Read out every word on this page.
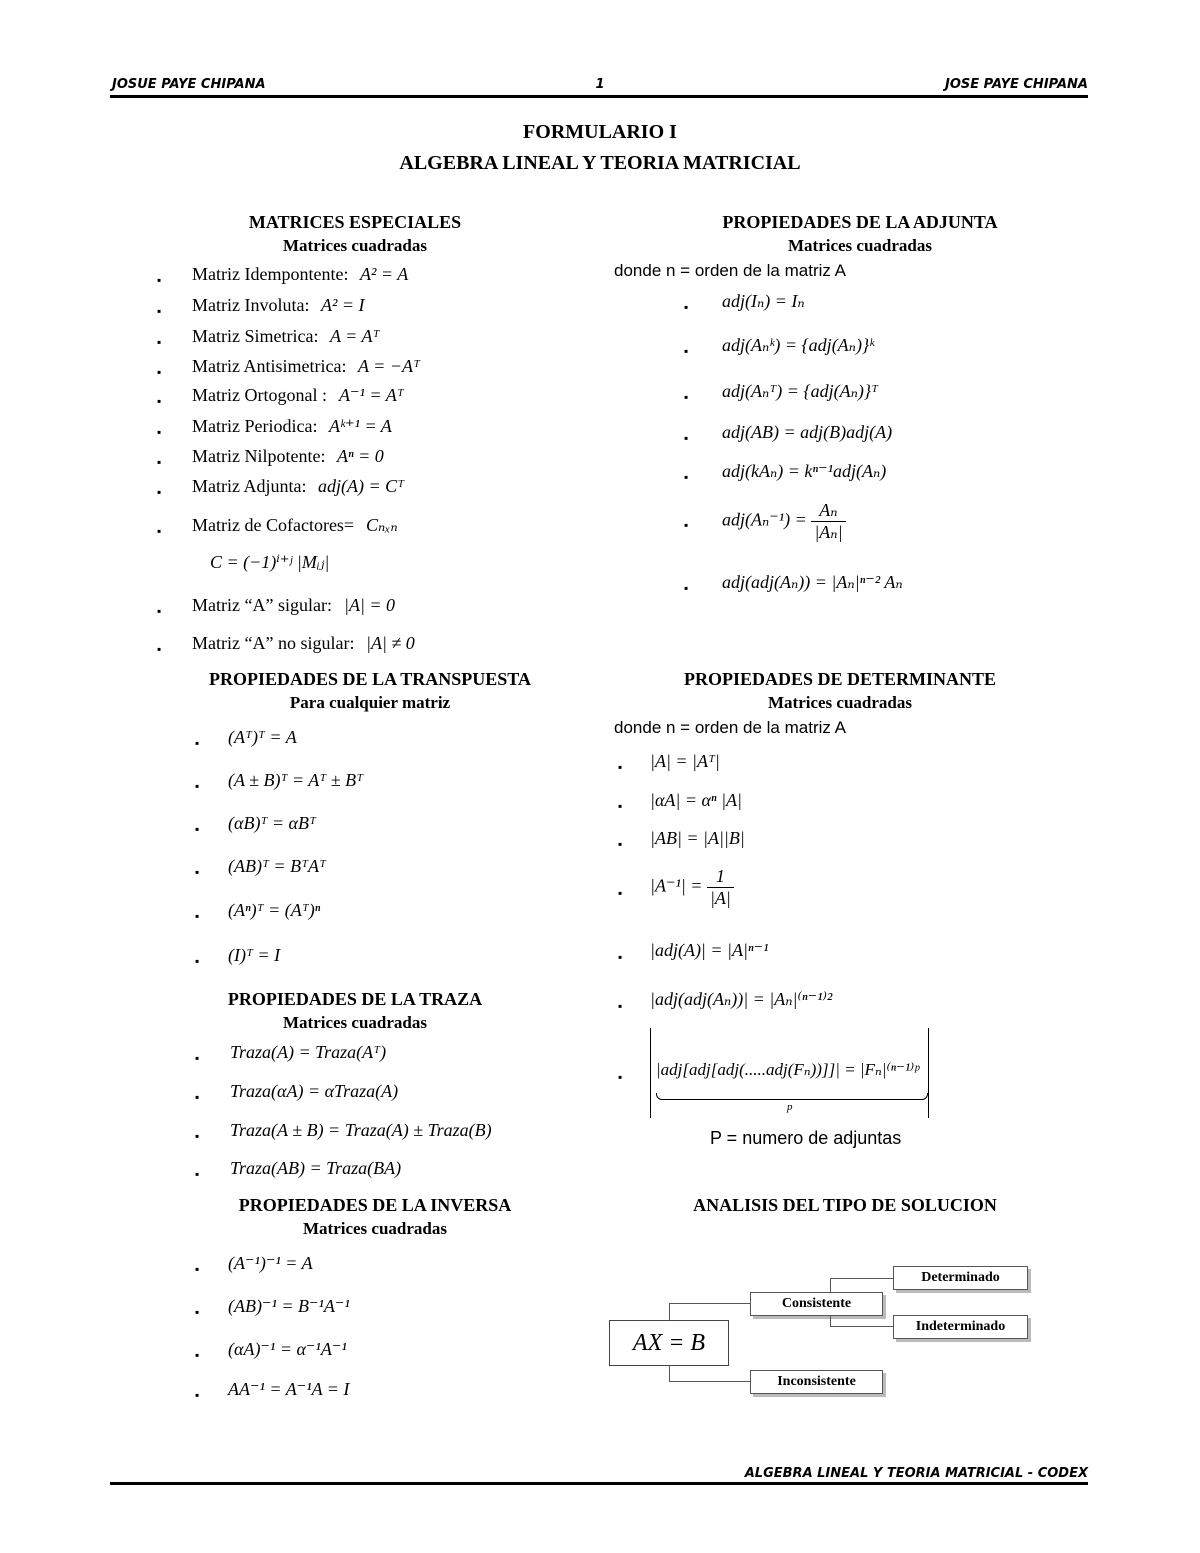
JOSUE PAYE CHIPANA	1	JOSE PAYE CHIPANA
FORMULARIO I
ALGEBRA LINEAL Y TEORIA MATRICIAL
MATRICES ESPECIALES
Matrices cuadradas
▪ Matriz Idempontente: A² = A
▪ Matriz Involuta: A² = I
▪ Matriz Simetrica: A = Aᵀ
▪ Matriz Antisimetrica: A = −Aᵀ
▪ Matriz Ortogonal : A⁻¹ = Aᵀ
▪ Matriz Periodica: Aᵏ⁺¹ = A
▪ Matriz Nilpotente: Aⁿ = 0
▪ Matriz Adjunta: adj(A) = Cᵀ
▪ Matriz de Cofactores= Cₙₓₙ
C = (−1)ⁱ⁺ʲ |Mᵢⱼ|
▪ Matriz “A” sigular: |A| = 0
▪ Matriz “A” no sigular: |A| ≠ 0
PROPIEDADES DE LA TRANSPUESTA
Para cualquier matriz
▪ (Aᵀ)ᵀ = A
▪ (A ± B)ᵀ = Aᵀ ± Bᵀ
▪ (αB)ᵀ = αBᵀ
▪ (AB)ᵀ = BᵀAᵀ
▪ (Aⁿ)ᵀ = (Aᵀ)ⁿ
▪ (I)ᵀ = I
PROPIEDADES DE LA TRAZA
Matrices cuadradas
▪ Traza(A) = Traza(Aᵀ)
▪ Traza(αA) = αTraza(A)
▪ Traza(A ± B) = Traza(A) ± Traza(B)
▪ Traza(AB) = Traza(BA)
PROPIEDADES DE LA INVERSA
Matrices cuadradas
▪ (A⁻¹)⁻¹ = A
▪ (AB)⁻¹ = B⁻¹A⁻¹
▪ (αA)⁻¹ = α⁻¹A⁻¹
▪ AA⁻¹ = A⁻¹A = I
PROPIEDADES DE LA ADJUNTA
Matrices cuadradas
donde n = orden de la matriz A
▪ adj(Iₙ) = Iₙ
▪ adj(Aₙᵏ) = {adj(Aₙ)}ᵏ
▪ adj(Aₙᵀ) = {adj(Aₙ)}ᵀ
▪ adj(AB) = adj(B)adj(A)
▪ adj(kAₙ) = kⁿ⁻¹adj(Aₙ)
▪ $adj(A_n^{-1}) = \frac{\text{Aₙ}}{\text{|Aₙ|}}$
▪ adj(adj(Aₙ)) = |Aₙ|ⁿ⁻² Aₙ
PROPIEDADES DE DETERMINANTE
Matrices cuadradas
donde n = orden de la matriz A
▪ |A| = |Aᵀ|
▪ |αA| = αⁿ |A|
▪ |AB| = |A||B|
▪ $|A^{-1}| = \frac{1}{|A|}$
▪ |adj(A)| = |A|ⁿ⁻¹
▪ |adj(adj(Aₙ))| = |Aₙ|⁽ⁿ⁻¹⁾²
▪ |adj[adj[adj(.....adj(Fₙ))]]| = |Fₙ|⁽ⁿ⁻¹⁾ᵖ
p
P = numero de adjuntas
ANALISIS DEL TIPO DE SOLUCION
AX = B
Consistente
Inconsistente
Determinado
Indeterminado
ALGEBRA LINEAL Y TEORIA MATRICIAL - CODEX
